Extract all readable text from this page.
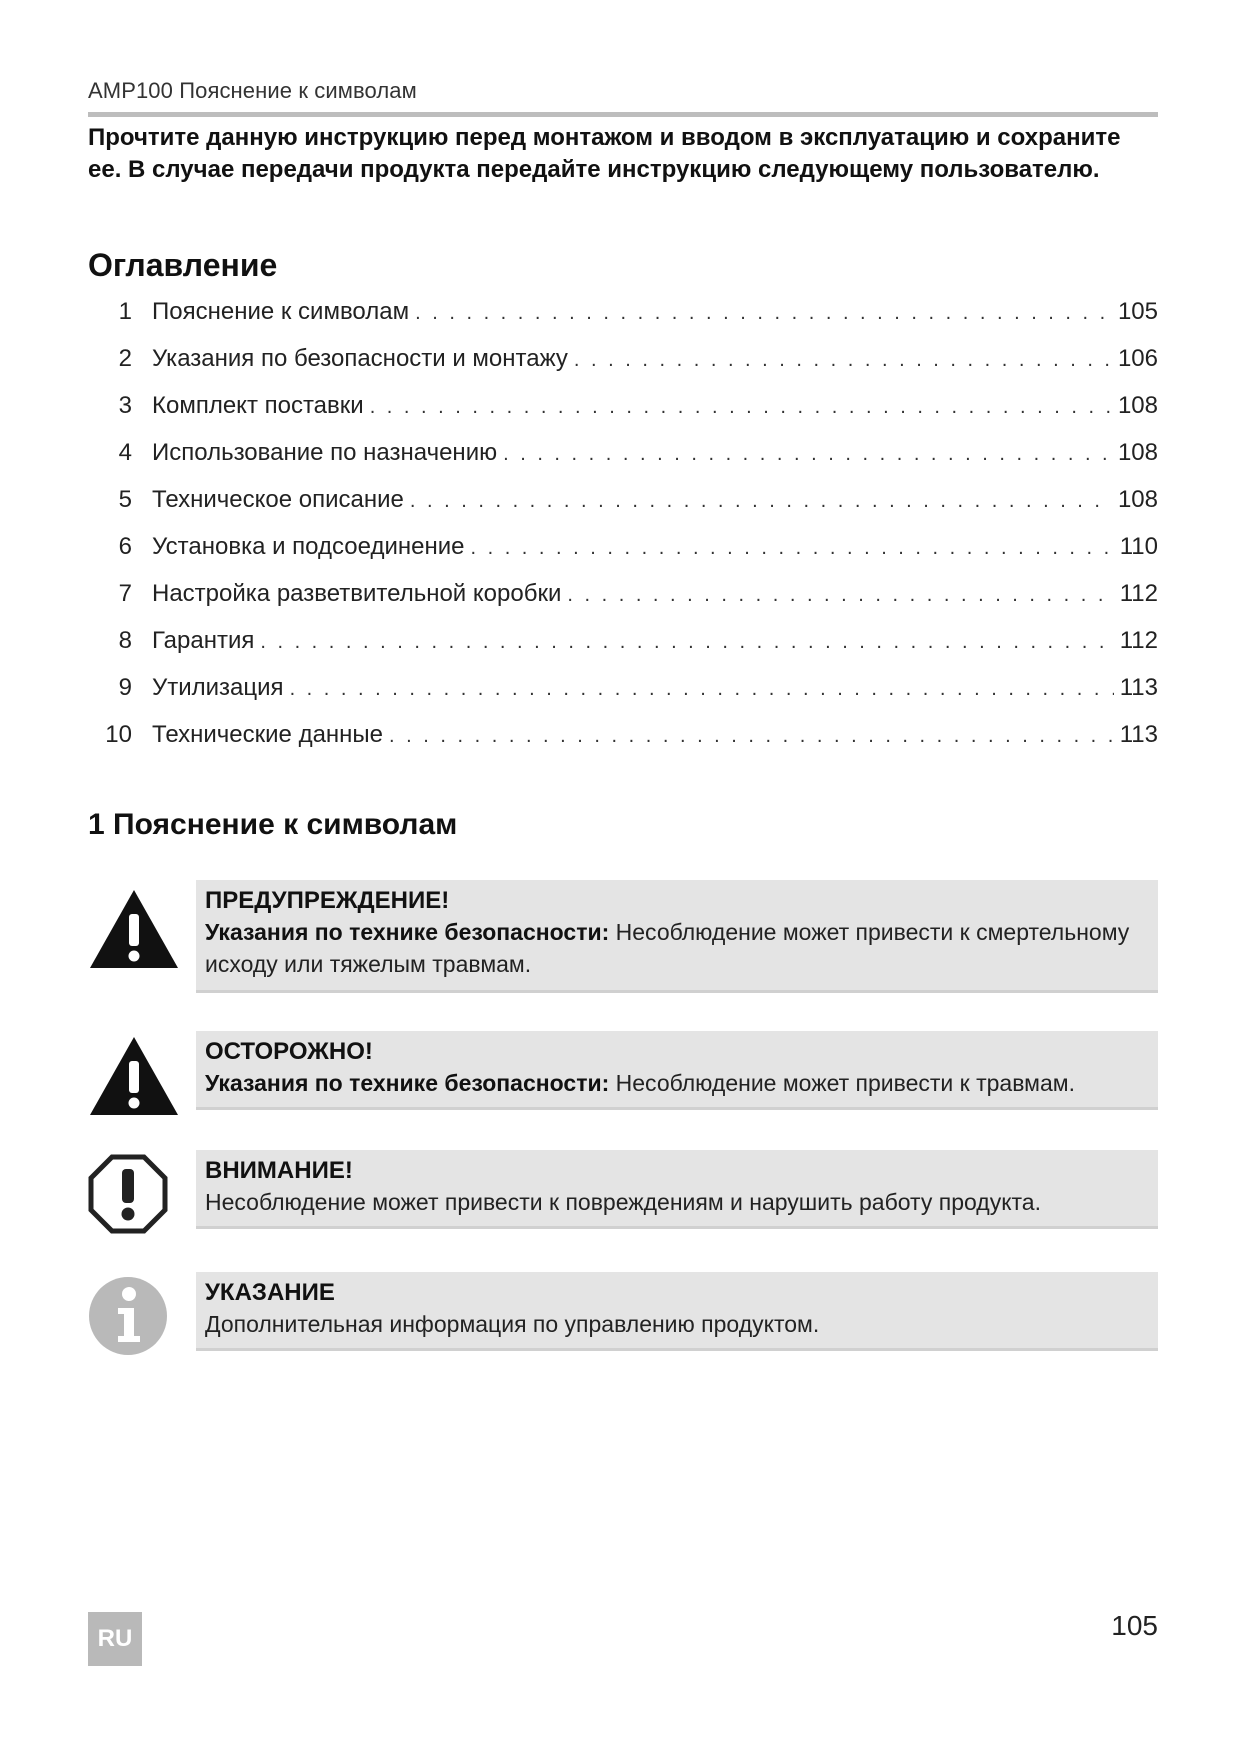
AMP100 Пояснение к символам
Прочтите данную инструкцию перед монтажом и вводом в эксплуатацию и сохраните ее. В случае передачи продукта передайте инструкцию следующему пользователю.
Оглавление
1 Пояснение к символам . . .	105
2 Указания по безопасности и монтажу . . .	106
3 Комплект поставки . . .	108
4 Использование по назначению . . .	108
5 Техническое описание . . .	108
6 Установка и подсоединение . . .	110
7 Настройка разветвительной коробки . . .	112
8 Гарантия . . .	112
9 Утилизация . . .	113
10 Технические данные . . .	113
1 Пояснение к символам
ПРЕДУПРЕЖДЕНИЕ!
Указания по технике безопасности: Несоблюдение может привести к смертельному исходу или тяжелым травмам.
ОСТОРОЖНО!
Указания по технике безопасности: Несоблюдение может привести к травмам.
ВНИМАНИЕ!
Несоблюдение может привести к повреждениям и нарушить работу продукта.
УКАЗАНИЕ
Дополнительная информация по управлению продуктом.
RU	105
